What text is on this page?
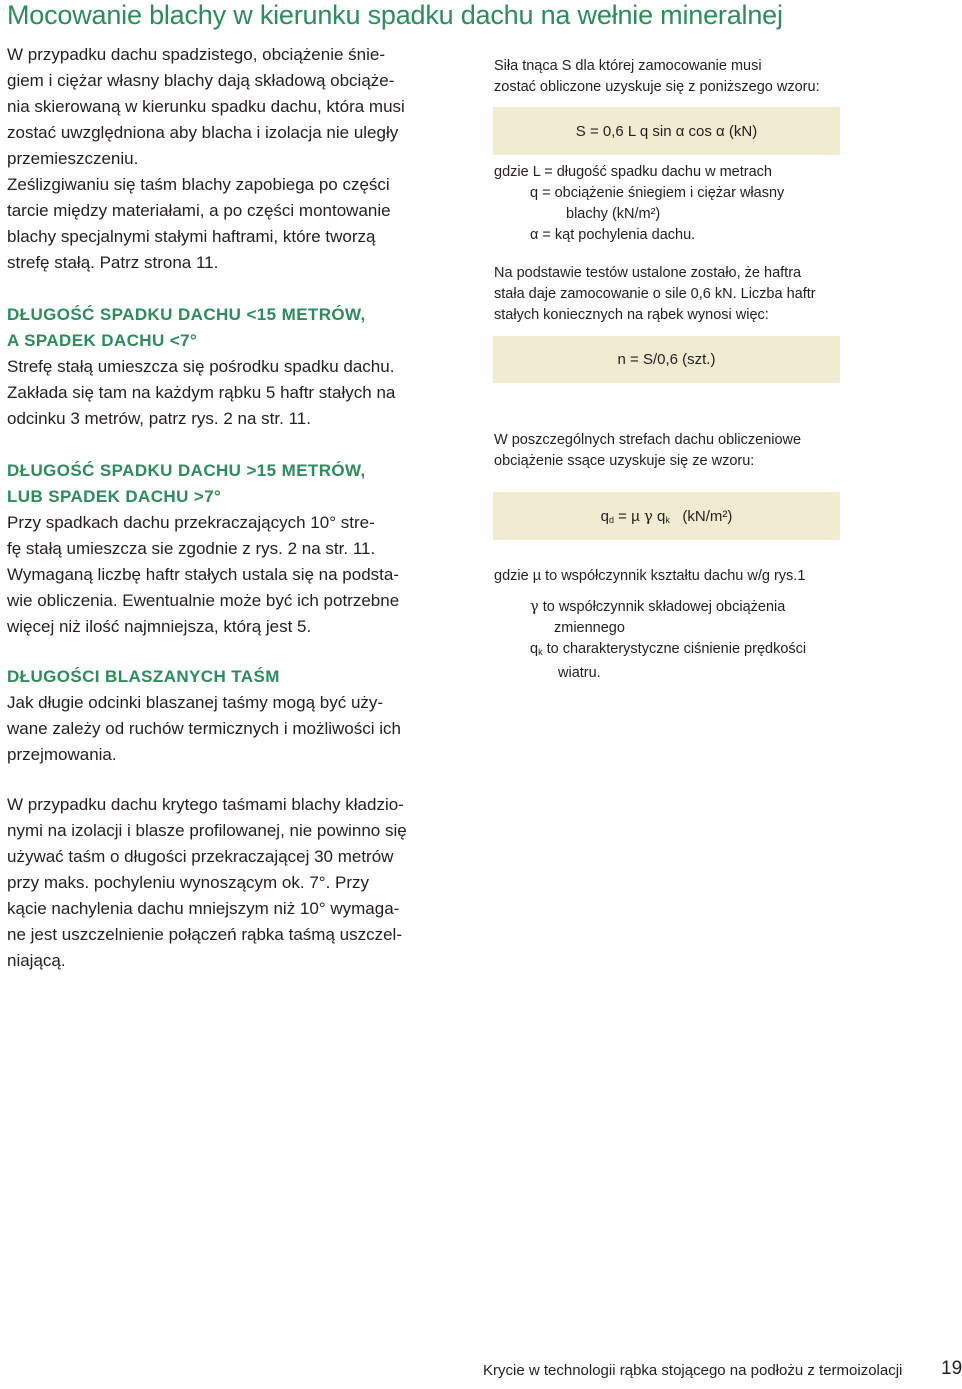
Mocowanie blachy w kierunku spadku dachu na wełnie mineralnej

W przypadku dachu spadzistego, obciążenie śnie-

giem i ciężar własny blachy dają składową obciąże-

nia skierowaną w kierunku spadku dachu, która musi

zostać uwzględniona aby blacha i izolacja nie uległy

przemieszczeniu.

Ześlizgiwaniu się taśm blachy zapobiega po części

tarcie między materiałami, a po części montowanie

blachy specjalnymi stałymi haftrami, które tworzą

strefę stałą. Patrz strona 11.

DŁUGOŚĆ SPADKU DACHU <15 METRÓW,
A SPADEK DACHU <7°

Strefę stałą umieszcza się pośrodku spadku dachu.

Zakłada się tam na każdym rąbku 5 haftr stałych na

odcinku 3 metrów, patrz rys. 2 na str. 11.

DŁUGOŚĆ SPADKU DACHU >15 METRÓW,
LUB SPADEK DACHU >7°

Przy spadkach dachu przekraczających 10° stre-

fę stałą umieszcza sie zgodnie z rys. 2 na str. 11.

Wymaganą liczbę haftr stałych ustala się na podsta-

wie obliczenia. Ewentualnie może być ich potrzebne

więcej niż ilość najmniejsza, którą jest 5.

DŁUGOŚCI BLASZANYCH TAŚM

Jak długie odcinki blaszanej taśmy mogą być uży-

wane zależy od ruchów termicznych i możliwości ich

przejmowania.

W przypadku dachu krytego taśmami blachy kładzio-

nymi na izolacji i blasze profilowanej, nie powinno się

używać taśm o długości przekraczającej 30 metrów

przy maks. pochyleniu wynoszącym ok. 7°. Przy

kącie nachylenia dachu mniejszym niż 10° wymaga-

ne jest uszczelnienie połączeń rąbka taśmą uszczel-

niającą.

Siła tnąca S dla której zamocowanie musi

zostać obliczone uzyskuje się z poniższego wzoru:

S = 0,6 L q sin α cos α (kN)

gdzie L = długość spadku dachu w metrach

q = obciążenie śniegiem i ciężar własny

blachy (kN/m²)

α = kąt pochylenia dachu.

Na podstawie testów ustalone zostało, że haftra

stała daje zamocowanie o sile 0,6 kN. Liczba haftr

stałych koniecznych na rąbek wynosi więc:

n = S/0,6 (szt.)

W poszczególnych strefach dachu obliczeniowe

obciążenie ssące uzyskuje się ze wzoru:

$q_d = \mu$ γ $q_k$ (kN/m²)

gdzie µ to współczynnik kształtu dachu w/g rys.1

γ to współczynnik składowej obciążenia

zmiennego

$q_k$ to charakterystyczne ciśnienie prędkości

wiatru.

Krycie w technologii rąbka stojącego na podłożu z termoizolacji 19
